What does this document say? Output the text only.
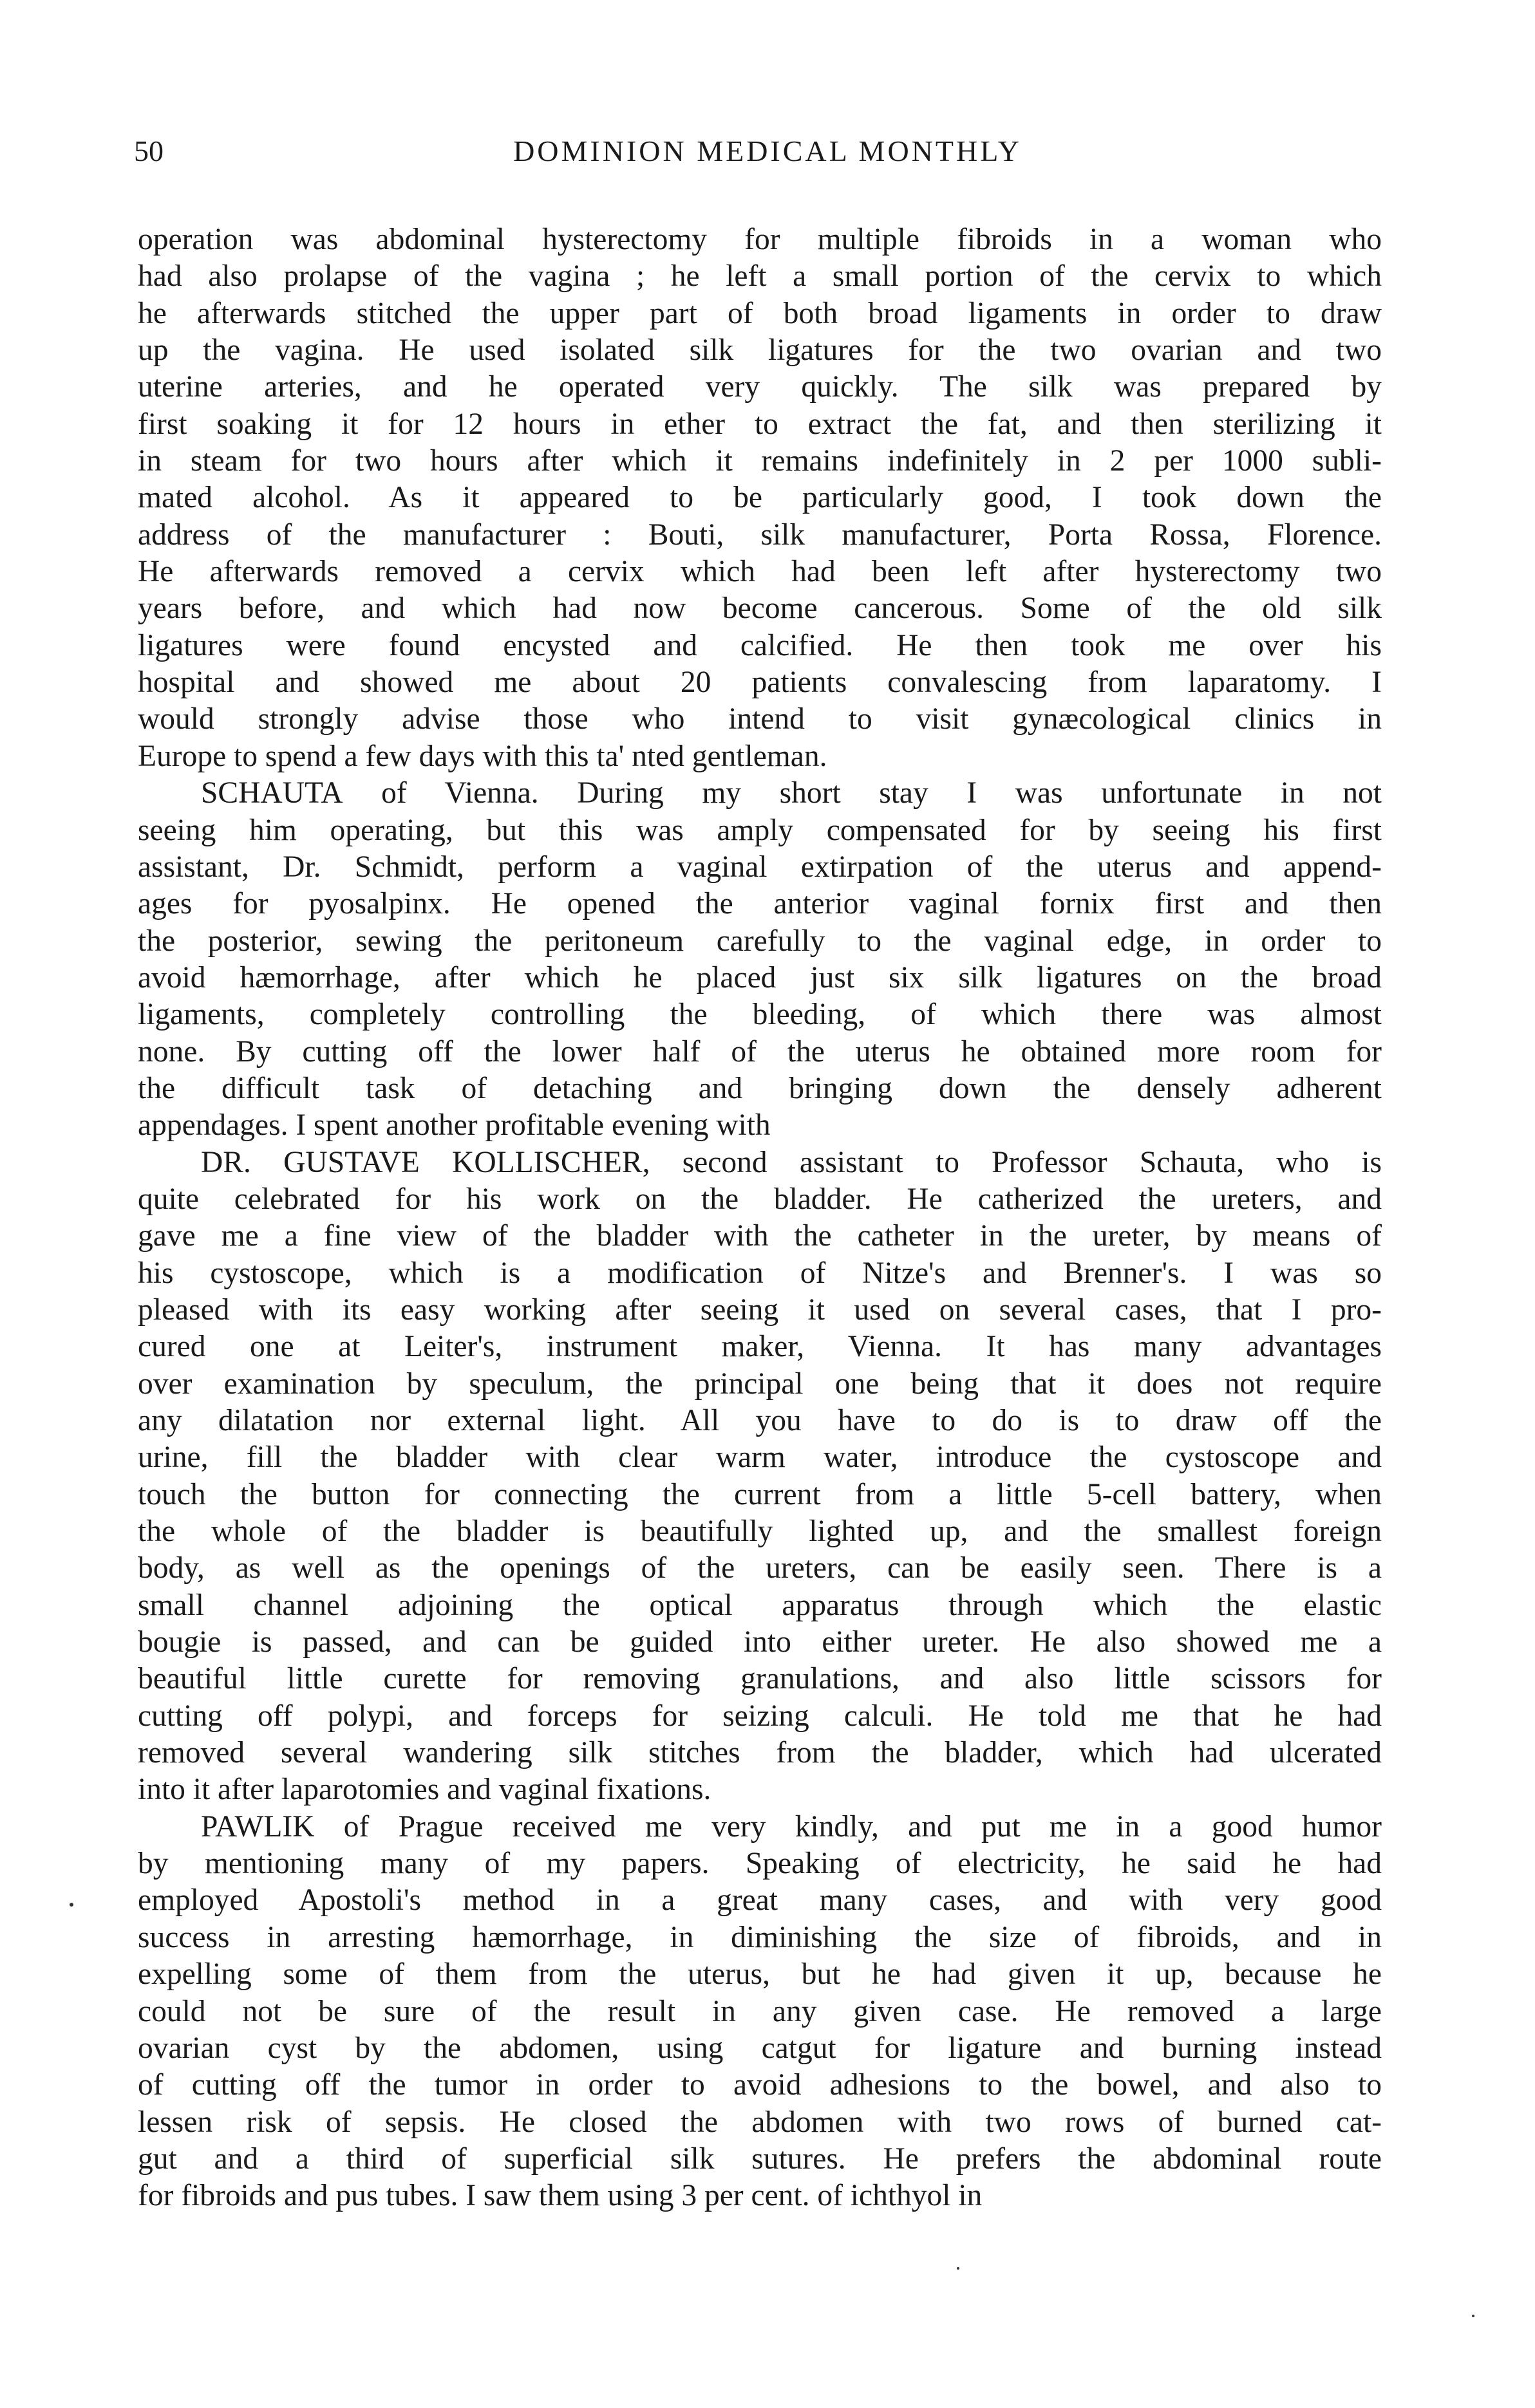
50	DOMINION MEDICAL MONTHLY
operation was abdominal hysterectomy for multiple fibroids in a woman who
had also prolapse of the vagina ; he left a small portion of the cervix to which
he afterwards stitched the upper part of both broad ligaments in order to draw
up the vagina. He used isolated silk ligatures for the two ovarian and two
uterine arteries, and he operated very quickly. The silk was prepared by
first soaking it for 12 hours in ether to extract the fat, and then sterilizing it
in steam for two hours after which it remains indefinitely in 2 per 1000 subli-
mated alcohol. As it appeared to be particularly good, I took down the
address of the manufacturer : Bouti, silk manufacturer, Porta Rossa, Florence.
He afterwards removed a cervix which had been left after hysterectomy two
years before, and which had now become cancerous. Some of the old silk
ligatures were found encysted and calcified. He then took me over his
hospital and showed me about 20 patients convalescing from laparatomy. I
would strongly advise those who intend to visit gynæcological clinics in
Europe to spend a few days with this ta' nted gentleman.
SCHAUTA of Vienna. During my short stay I was unfortunate in not
seeing him operating, but this was amply compensated for by seeing his first
assistant, Dr. Schmidt, perform a vaginal extirpation of the uterus and append-
ages for pyosalpinx. He opened the anterior vaginal fornix first and then
the posterior, sewing the peritoneum carefully to the vaginal edge, in order to
avoid hæmorrhage, after which he placed just six silk ligatures on the broad
ligaments, completely controlling the bleeding, of which there was almost
none. By cutting off the lower half of the uterus he obtained more room for
the difficult task of detaching and bringing down the densely adherent
appendages. I spent another profitable evening with
DR. GUSTAVE KOLLISCHER, second assistant to Professor Schauta, who is
quite celebrated for his work on the bladder. He catherized the ureters, and
gave me a fine view of the bladder with the catheter in the ureter, by means of
his cystoscope, which is a modification of Nitze's and Brenner's. I was so
pleased with its easy working after seeing it used on several cases, that I pro-
cured one at Leiter's, instrument maker, Vienna. It has many advantages
over examination by speculum, the principal one being that it does not require
any dilatation nor external light. All you have to do is to draw off the
urine, fill the bladder with clear warm water, introduce the cystoscope and
touch the button for connecting the current from a little 5-cell battery, when
the whole of the bladder is beautifully lighted up, and the smallest foreign
body, as well as the openings of the ureters, can be easily seen. There is a
small channel adjoining the optical apparatus through which the elastic
bougie is passed, and can be guided into either ureter. He also showed me a
beautiful little curette for removing granulations, and also little scissors for
cutting off polypi, and forceps for seizing calculi. He told me that he had
removed several wandering silk stitches from the bladder, which had ulcerated
into it after laparotomies and vaginal fixations.
PAWLIK of Prague received me very kindly, and put me in a good humor
by mentioning many of my papers. Speaking of electricity, he said he had
employed Apostoli's method in a great many cases, and with very good
success in arresting hæmorrhage, in diminishing the size of fibroids, and in
expelling some of them from the uterus, but he had given it up, because he
could not be sure of the result in any given case. He removed a large
ovarian cyst by the abdomen, using catgut for ligature and burning instead
of cutting off the tumor in order to avoid adhesions to the bowel, and also to
lessen risk of sepsis. He closed the abdomen with two rows of burned cat-
gut and a third of superficial silk sutures. He prefers the abdominal route
for fibroids and pus tubes. I saw them using 3 per cent. of ichthyol in
